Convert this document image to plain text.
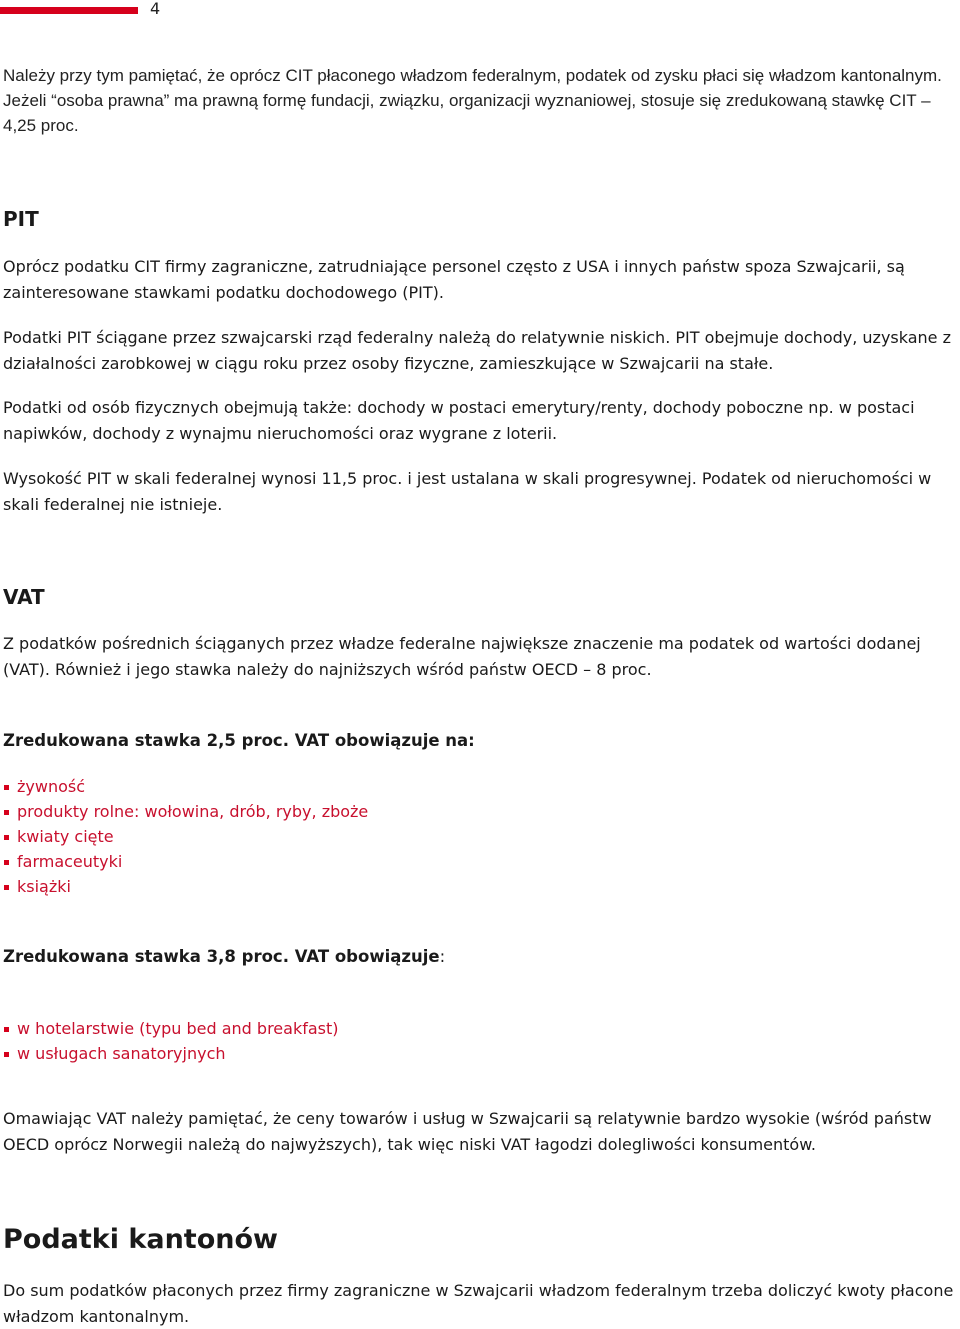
4

Należy przy tym pamiętać, że oprócz CIT płaconego władzom federalnym, podatek od zysku płaci się władzom kantonalnym. Jeżeli “osoba prawna” ma prawną formę fundacji, związku, organizacji wyznaniowej, stosuje się zredukowaną stawkę CIT – 4,25 proc.

PIT

Oprócz podatku CIT firmy zagraniczne, zatrudniające personel często z USA i innych państw spoza Szwajcarii, są zainteresowane stawkami podatku dochodowego (PIT).

Podatki PIT ściągane przez szwajcarski rząd federalny należą do relatywnie niskich. PIT obejmuje dochody, uzyskane z działalności zarobkowej w ciągu roku przez osoby fizyczne, zamieszkujące w Szwajcarii na stałe.

Podatki od osób fizycznych obejmują także: dochody w postaci emerytury/renty, dochody poboczne np. w postaci napiwków, dochody z wynajmu nieruchomości oraz wygrane z loterii.

Wysokość PIT w skali federalnej wynosi 11,5 proc. i jest ustalana w skali progresywnej. Podatek od nieruchomości w skali federalnej nie istnieje.

VAT

Z podatków pośrednich ściąganych przez władze federalne największe znaczenie ma podatek od wartości dodanej (VAT). Również i jego stawka należy do najniższych wśród państw OECD – 8 proc.

Zredukowana stawka 2,5 proc. VAT obowiązuje na:
żywność
produkty rolne: wołowina, drób, ryby, zboże
kwiaty cięte
farmaceutyki
książki
Zredukowana stawka 3,8 proc. VAT obowiązuje:
w hotelarstwie (typu bed and breakfast)
w usługach sanatoryjnych

Omawiając VAT należy pamiętać, że ceny towarów i usług w Szwajcarii są relatywnie bardzo wysokie (wśród państw OECD oprócz Norwegii należą do najwyższych), tak więc niski VAT łagodzi dolegliwości konsumentów.

Podatki kantonów

Do sum podatków płaconych przez firmy zagraniczne w Szwajcarii władzom federalnym trzeba doliczyć kwoty płacone władzom kantonalnym.
